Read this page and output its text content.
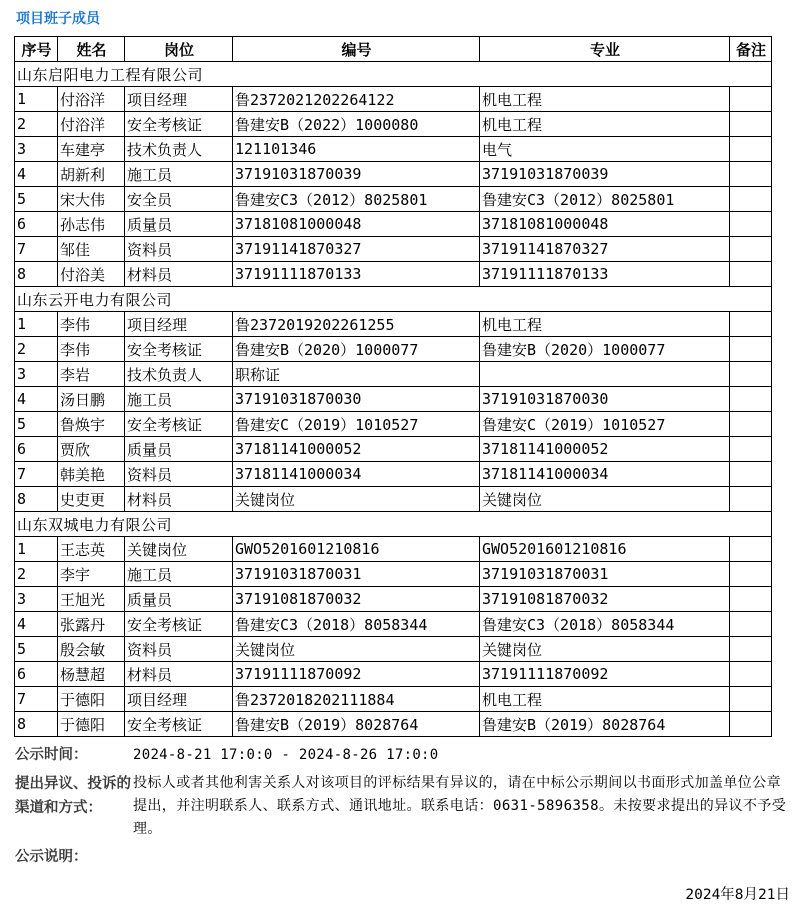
项目班子成员
序号	姓名	岗位	编号	专业	备注
山东启阳电力工程有限公司					
1	付浴洋	项目经理	鲁2372021202264122	机电工程	
2	付浴洋	安全考核证	鲁建安B（2022）1000080	机电工程	
3	车建亭	技术负责人	121101346	电气	
4	胡新利	施工员	37191031870039	37191031870039	
5	宋大伟	安全员	鲁建安C3（2012）8025801	鲁建安C3（2012）8025801	
6	孙志伟	质量员	37181081000048	37181081000048	
7	邹佳	资料员	37191141870327	37191141870327	
8	付浴美	材料员	37191111870133	37191111870133	
山东云开电力有限公司					
1	李伟	项目经理	鲁2372019202261255	机电工程	
2	李伟	安全考核证	鲁建安B（2020）1000077	鲁建安B（2020）1000077	
3	李岩	技术负责人	职称证		
4	汤日鹏	施工员	37191031870030	37191031870030	
5	鲁焕宇	安全考核证	鲁建安C（2019）1010527	鲁建安C（2019）1010527	
6	贾欣	质量员	37181141000052	37181141000052	
7	韩美艳	资料员	37181141000034	37181141000034	
8	史吏更	材料员	关键岗位	关键岗位	
山东双城电力有限公司					
1	王志英	关键岗位	GWO5201601210816	GWO5201601210816	
2	李宇	施工员	37191031870031	37191031870031	
3	王旭光	质量员	37191081870032	37191081870032	
4	张露丹	安全考核证	鲁建安C3（2018）8058344	鲁建安C3（2018）8058344	
5	殷会敏	资料员	关键岗位	关键岗位	
6	杨慧超	材料员	37191111870092	37191111870092	
7	于德阳	项目经理	鲁2372018202111884	机电工程	
8	于德阳	安全考核证	鲁建安B（2019）8028764	鲁建安B（2019）8028764	
公示时间：	2024-8-21 17:0:0 - 2024-8-26 17:0:0
提出异议、投诉的
渠道和方式：
投标人或者其他利害关系人对该项目的评标结果有异议的，请在中标公示期间以书面形式加盖单位公章提出，并注明联系人、联系方式、通讯地址。联系电话：0631-5896358。未按要求提出的异议不予受理。
公示说明：
2024年8月21日
